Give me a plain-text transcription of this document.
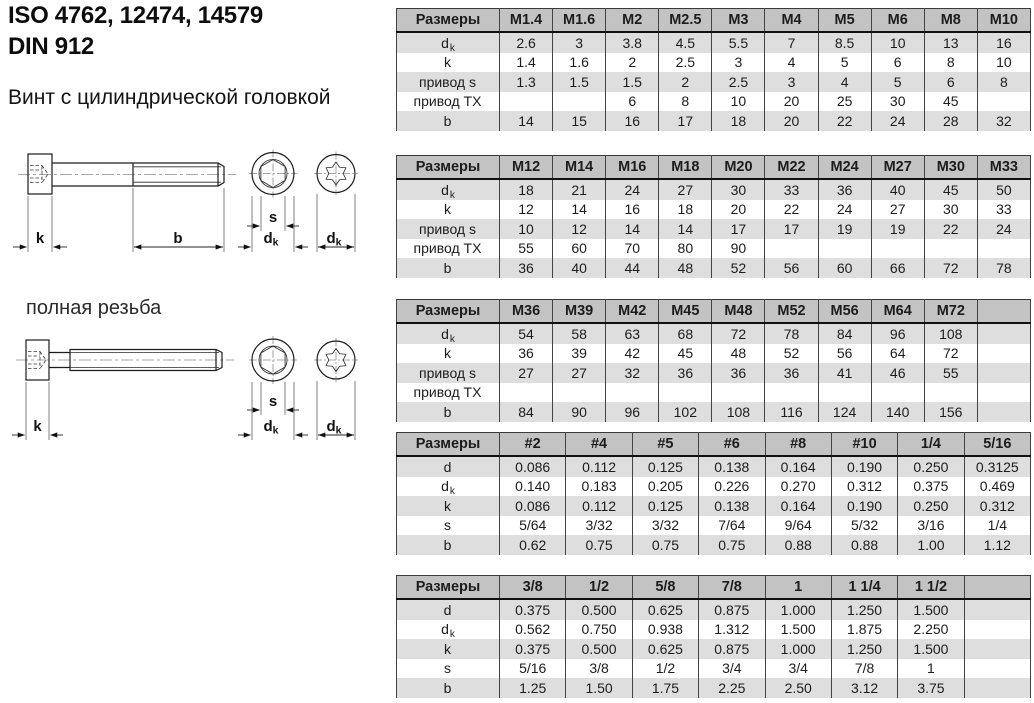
ISO 4762, 12474, 14579
DIN 912
Винт с цилиндрической головкой
полная резьба
k	b
s
dk	dk
k
s
dk	dk
Размеры	M1.4	M1.6	M2	M2.5	M3	M4	M5	M6	M8	M10
$d_k$	2.6	3	3.8	4.5	5.5	7	8.5	10	13	16
k	1.4	1.6	2	2.5	3	4	5	6	8	10
привод s	1.3	1.5	1.5	2	2.5	3	4	5	6	8
привод TX			6	8	10	20	25	30	45	
b	14	15	16	17	18	20	22	24	28	32
Размеры	M12	M14	M16	M18	M20	M22	M24	M27	M30	M33
$d_k$	18	21	24	27	30	33	36	40	45	50
k	12	14	16	18	20	22	24	27	30	33
привод s	10	12	14	14	17	17	19	19	22	24
привод TX	55	60	70	80	90					
b	36	40	44	48	52	56	60	66	72	78
Размеры	M36	M39	M42	M45	M48	M52	M56	M64	M72	
$d_k$	54	58	63	68	72	78	84	96	108	
k	36	39	42	45	48	52	56	64	72	
привод s	27	27	32	36	36	36	41	46	55	
привод TX										
b	84	90	96	102	108	116	124	140	156	
Размеры	#2	#4	#5	#6	#8	#10	1/4	5/16
d	0.086	0.112	0.125	0.138	0.164	0.190	0.250	0.3125
$d_k$	0.140	0.183	0.205	0.226	0.270	0.312	0.375	0.469
k	0.086	0.112	0.125	0.138	0.164	0.190	0.250	0.312
s	5/64	3/32	3/32	7/64	9/64	5/32	3/16	1/4
b	0.62	0.75	0.75	0.75	0.88	0.88	1.00	1.12
Размеры	3/8	1/2	5/8	7/8	1	1 1/4	1 1/2	
d	0.375	0.500	0.625	0.875	1.000	1.250	1.500	
$d_k$	0.562	0.750	0.938	1.312	1.500	1.875	2.250	
k	0.375	0.500	0.625	0.875	1.000	1.250	1.500	
s	5/16	3/8	1/2	3/4	3/4	7/8	1	
b	1.25	1.50	1.75	2.25	2.50	3.12	3.75	
